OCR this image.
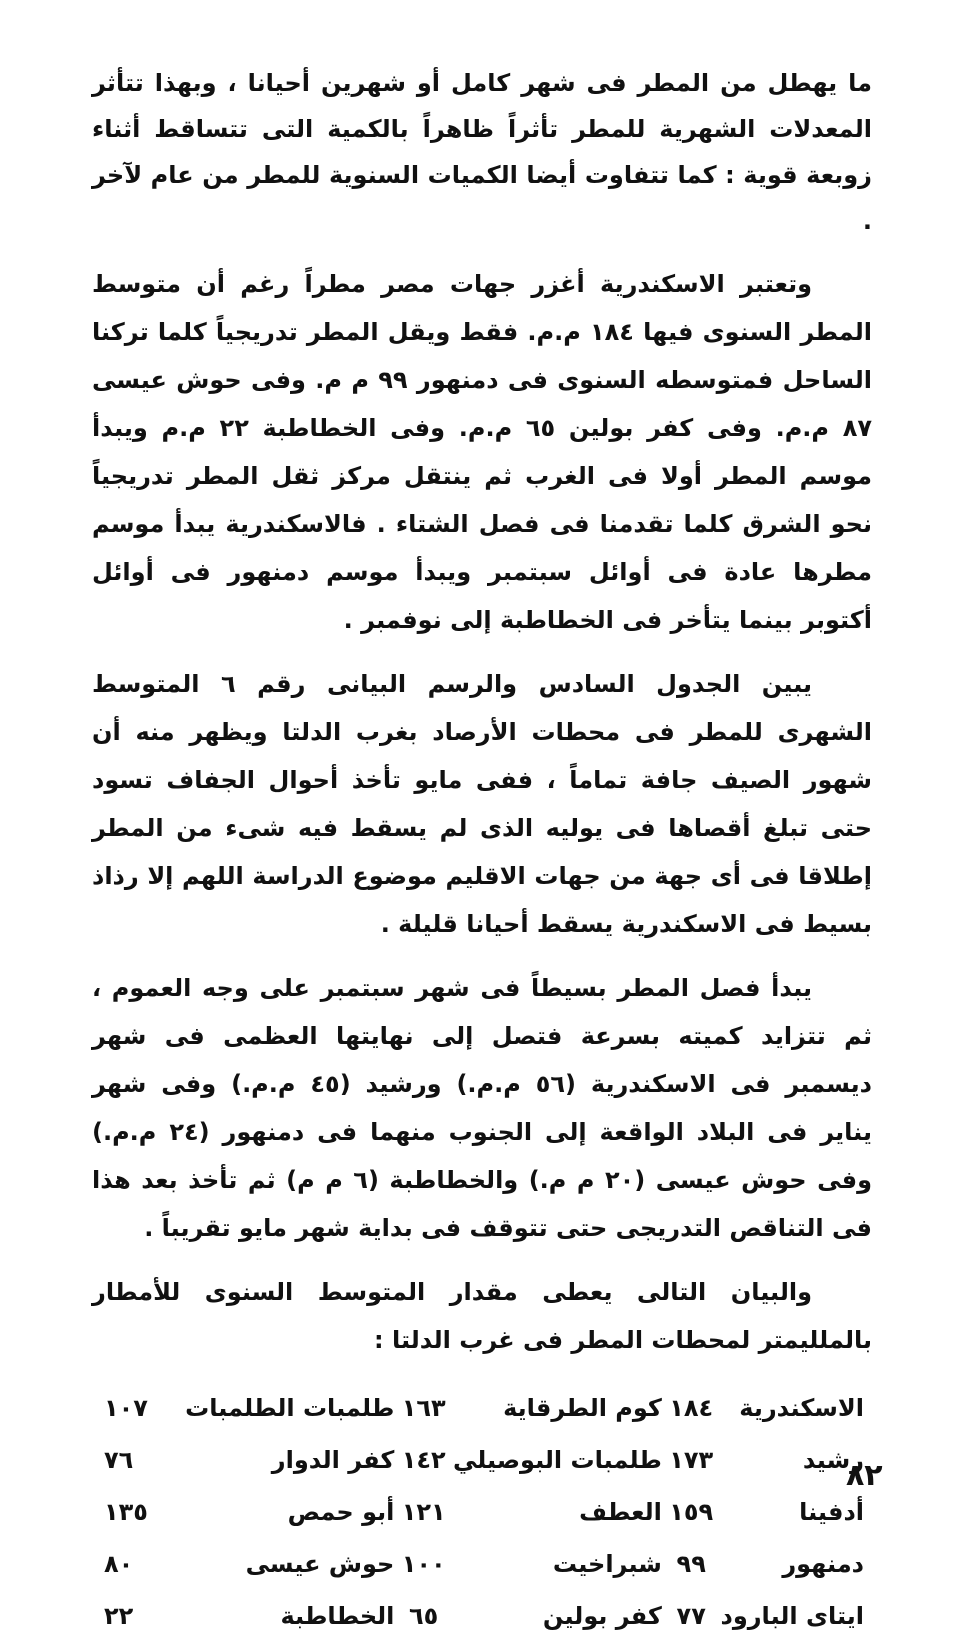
ما يهطل من المطر فى شهر كامل أو شهرين أحيانا ، وبهذا تتأثر المعدلات الشهرية للمطر تأثراً ظاهراً بالكمية التى تتساقط أثناء زوبعة قوية : كما تتفاوت أيضا الكميات السنوية للمطر من عام لآخر .

وتعتبر الاسكندرية أغزر جهات مصر مطراً رغم أن متوسط المطر السنوى فيها ١٨٤ م.م. فقط ويقل المطر تدريجياً كلما تركنا الساحل فمتوسطه السنوى فى دمنهور ٩٩ م م. وفى حوش عيسى ٨٧ م.م. وفى كفر بولين ٦٥ م.م. وفى الخطاطبة ٢٢ م.م ويبدأ موسم المطر أولا فى الغرب ثم ينتقل مركز ثقل المطر تدريجياً نحو الشرق كلما تقدمنا فى فصل الشتاء . فالاسكندرية يبدأ موسم مطرها عادة فى أوائل سبتمبر ويبدأ موسم دمنهور فى أوائل أكتوبر بينما يتأخر فى الخطاطبة إلى نوفمبر .

يبين الجدول السادس والرسم البيانى رقم ٦ المتوسط الشهرى للمطر فى محطات الأرصاد بغرب الدلتا ويظهر منه أن شهور الصيف جافة تماماً ، ففى مايو تأخذ أحوال الجفاف تسود حتى تبلغ أقصاها فى يوليه الذى لم يسقط فيه شىء من المطر إطلاقا فى أى جهة من جهات الاقليم موضوع الدراسة اللهم إلا رذاذ بسيط فى الاسكندرية يسقط أحيانا قليلة .

يبدأ فصل المطر بسيطاً فى شهر سبتمبر على وجه العموم ، ثم تتزايد كميته بسرعة فتصل إلى نهايتها العظمى فى شهر ديسمبر فى الاسكندرية (٥٦ م.م.) ورشيد (٤٥ م.م.) وفى شهر يناير فى البلاد الواقعة إلى الجنوب منهما فى دمنهور (٢٤ م.م.) وفى حوش عيسى (٢٠ م م.) والخطاطبة (٦ م م) ثم تأخذ بعد هذا فى التناقص التدريجى حتى تتوقف فى بداية شهر مايو تقريباً .

والبيان التالى يعطى مقدار المتوسط السنوى للأمطار بالملليمتر لمحطات المطر فى غرب الدلتا :

الاسكندرية	١٨٤	كوم الطرقاية	١٦٣	طلمبات الطلمبات	١٠٧
رشيد	١٧٣	طلمبات البوصيلي	١٤٢	كفر الدوار	٧٦
أدفينا	١٥٩	العطف	١٢١	أبو حمص	١٣٥
دمنهور	٩٩	شبراخيت	١٠٠	حوش عيسى	٨٠
ايتاى البارود	٧٧	كفر بولين	٦٥	الخطاطبة	٢٢
٨٢
